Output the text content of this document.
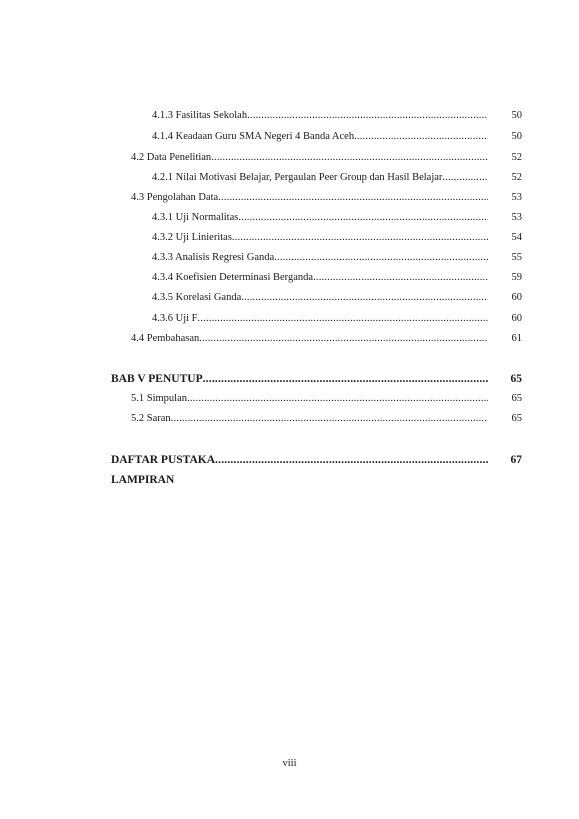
4.1.3 Fasilitas Sekolah .....	50
4.1.4 Keadaan Guru SMA Negeri 4 Banda Aceh .....	50
4.2 Data Penelitian .....	52
4.2.1 Nilai Motivasi Belajar, Pergaulan Peer Group dan Hasil Belajar .....	52
4.3 Pengolahan Data .....	53
4.3.1 Uji Normalitas .....	53
4.3.2 Uji Linieritas .....	54
4.3.3 Analisis Regresi Ganda .....	55
4.3.4 Koefisien Determinasi Berganda .....	59
4.3.5 Korelasi Ganda .....	60
4.3.6 Uji F .....	60
4.4 Pembahasan .....	61
BAB V PENUTUP .....	65
5.1 Simpulan .....	65
5.2 Saran .....	65
DAFTAR PUSTAKA .....	67
LAMPIRAN
viii
